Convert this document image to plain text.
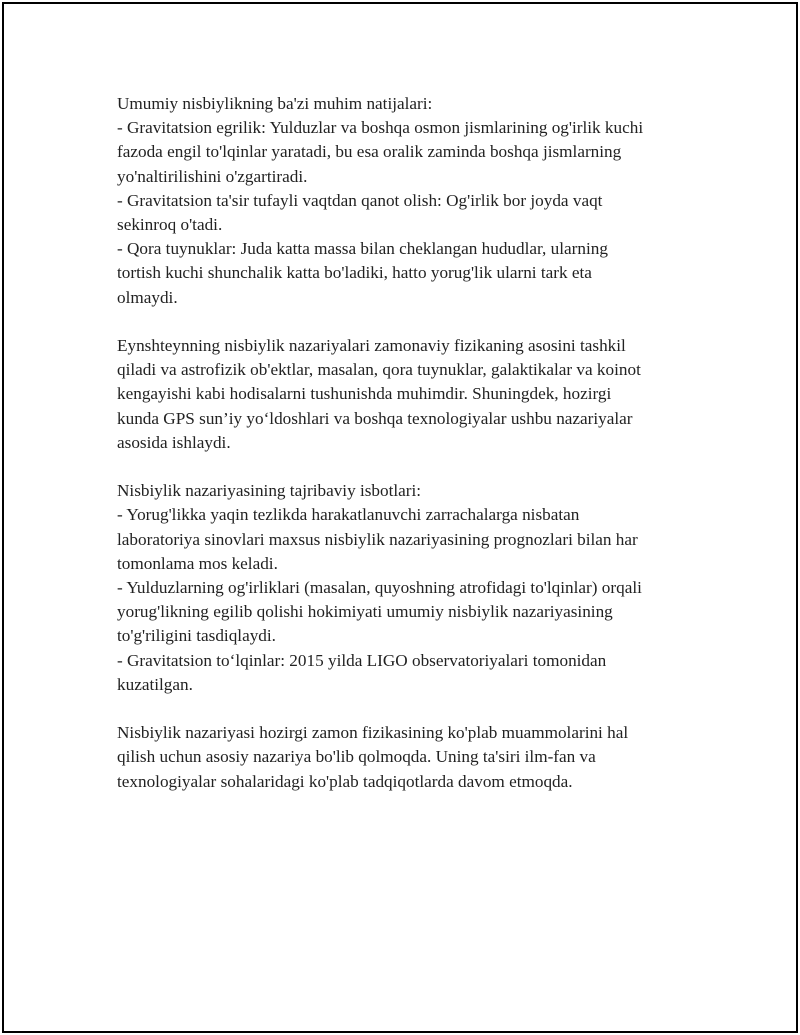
Umumiy nisbiylikning ba'zi muhim natijalari:
- Gravitatsion egrilik: Yulduzlar va boshqa osmon jismlarining og'irlik kuchi
fazoda engil to'lqinlar yaratadi, bu esa oralik zaminda boshqa jismlarning
yo'naltirilishini o'zgartiradi.
- Gravitatsion ta'sir tufayli vaqtdan qanot olish: Og'irlik bor joyda vaqt
sekinroq o'tadi.
- Qora tuynuklar: Juda katta massa bilan cheklangan hududlar, ularning
tortish kuchi shunchalik katta bo'ladiki, hatto yorug'lik ularni tark eta
olmaydi.

Eynshteynning nisbiylik nazariyalari zamonaviy fizikaning asosini tashkil
qiladi va astrofizik ob'ektlar, masalan, qora tuynuklar, galaktikalar va koinot
kengayishi kabi hodisalarni tushunishda muhimdir. Shuningdek, hozirgi
kunda GPS sun’iy yo‘ldoshlari va boshqa texnologiyalar ushbu nazariyalar
asosida ishlaydi.

Nisbiylik nazariyasining tajribaviy isbotlari:
- Yorug'likka yaqin tezlikda harakatlanuvchi zarrachalarga nisbatan
laboratoriya sinovlari maxsus nisbiylik nazariyasining prognozlari bilan har
tomonlama mos keladi.
- Yulduzlarning og'irliklari (masalan, quyoshning atrofidagi to'lqinlar) orqali
yorug'likning egilib qolishi hokimiyati umumiy nisbiylik nazariyasining
to'g'riligini tasdiqlaydi.
- Gravitatsion to‘lqinlar: 2015 yilda LIGO observatoriyalari tomonidan
kuzatilgan.

Nisbiylik nazariyasi hozirgi zamon fizikasining ko'plab muammolarini hal
qilish uchun asosiy nazariya bo'lib qolmoqda. Uning ta'siri ilm-fan va
texnologiyalar sohalaridagi ko'plab tadqiqotlarda davom etmoqda.
